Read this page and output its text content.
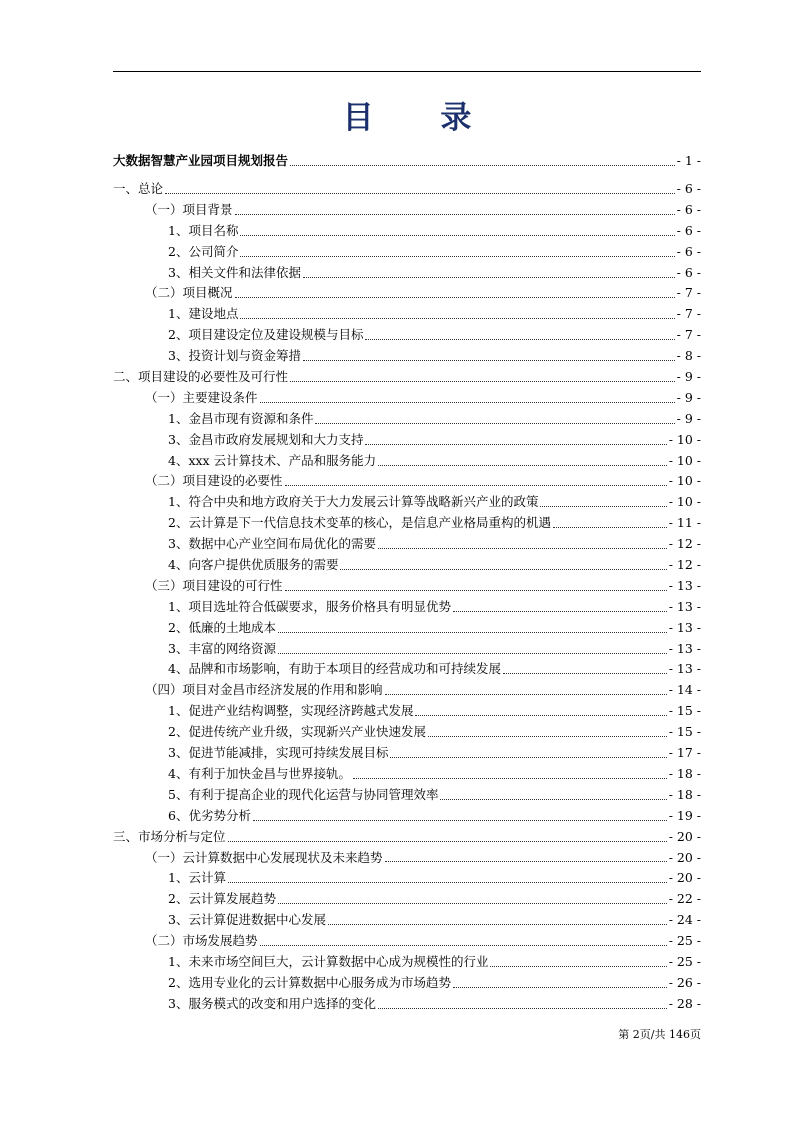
目 录
大数据智慧产业园项目规划报告	- 1 -
一、总论	- 6 -
（一）项目背景	- 6 -
1、项目名称	- 6 -
2、公司简介	- 6 -
3、相关文件和法律依据	- 6 -
（二）项目概况	- 7 -
1、建设地点	- 7 -
2、项目建设定位及建设规模与目标	- 7 -
3、投资计划与资金筹措	- 8 -
二、项目建设的必要性及可行性	- 9 -
（一）主要建设条件	- 9 -
1、金昌市现有资源和条件	- 9 -
3、金昌市政府发展规划和大力支持	- 10 -
4、xxx 云计算技术、产品和服务能力	- 10 -
（二）项目建设的必要性	- 10 -
1、符合中央和地方政府关于大力发展云计算等战略新兴产业的政策	- 10 -
2、云计算是下一代信息技术变革的核心，是信息产业格局重构的机遇	- 11 -
3、数据中心产业空间布局优化的需要	- 12 -
4、向客户提供优质服务的需要	- 12 -
（三）项目建设的可行性	- 13 -
1、项目选址符合低碳要求，服务价格具有明显优势	- 13 -
2、低廉的土地成本	- 13 -
3、丰富的网络资源	- 13 -
4、品牌和市场影响，有助于本项目的经营成功和可持续发展	- 13 -
（四）项目对金昌市经济发展的作用和影响	- 14 -
1、促进产业结构调整，实现经济跨越式发展	- 15 -
2、促进传统产业升级，实现新兴产业快速发展	- 15 -
3、促进节能减排，实现可持续发展目标	- 17 -
4、有利于加快金昌与世界接轨。	- 18 -
5、有利于提高企业的现代化运营与协同管理效率	- 18 -
6、优劣势分析	- 19 -
三、市场分析与定位	- 20 -
（一）云计算数据中心发展现状及未来趋势	- 20 -
1、云计算	- 20 -
2、云计算发展趋势	- 22 -
3、云计算促进数据中心发展	- 24 -
（二）市场发展趋势	- 25 -
1、未来市场空间巨大，云计算数据中心成为规模性的行业	- 25 -
2、选用专业化的云计算数据中心服务成为市场趋势	- 26 -
3、服务模式的改变和用户选择的变化	- 28 -
第 2页/共 146页
